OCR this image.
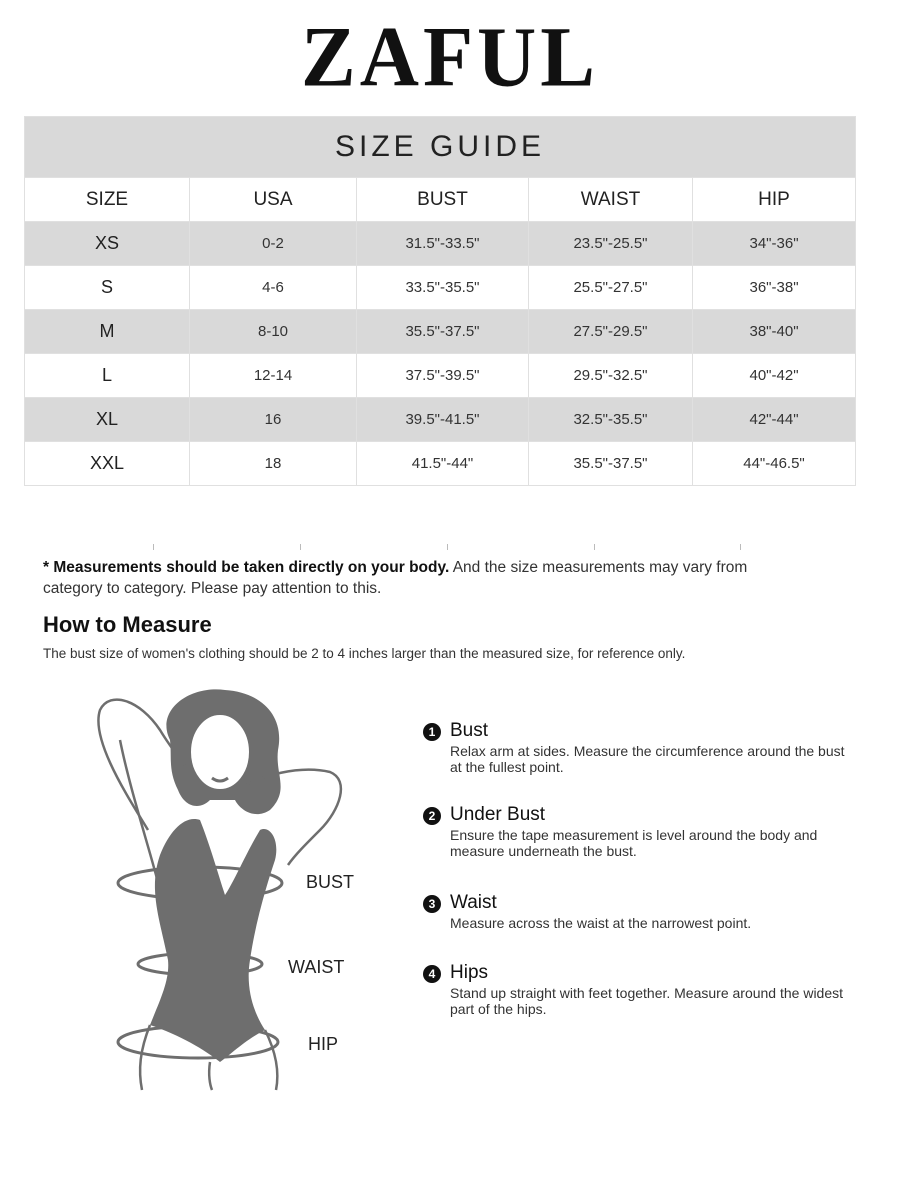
ZAFUL
SIZE GUIDE				
SIZE	USA	BUST	WAIST	HIP
XS	0-2	31.5"-33.5"	23.5"-25.5"	34"-36"
S	4-6	33.5"-35.5"	25.5"-27.5"	36"-38"
M	8-10	35.5"-37.5"	27.5"-29.5"	38"-40"
L	12-14	37.5"-39.5"	29.5"-32.5"	40"-42"
XL	16	39.5"-41.5"	32.5"-35.5"	42"-44"
XXL	18	41.5"-44"	35.5"-37.5"	44"-46.5"
* Measurements should be taken directly on your body. And the size measurements may vary from category to category. Please pay attention to this.
How to Measure
The bust size of women's clothing should be 2 to 4 inches larger than the measured size, for reference only.
BUST
WAIST
HIP
1 Bust
Relax arm at sides. Measure the circumference around the bust at the fullest point.
2 Under Bust
Ensure the tape measurement is level around the body and measure underneath the bust.
3 Waist
Measure across the waist at the narrowest point.
4 Hips
Stand up straight with feet together. Measure around the widest part of the hips.
